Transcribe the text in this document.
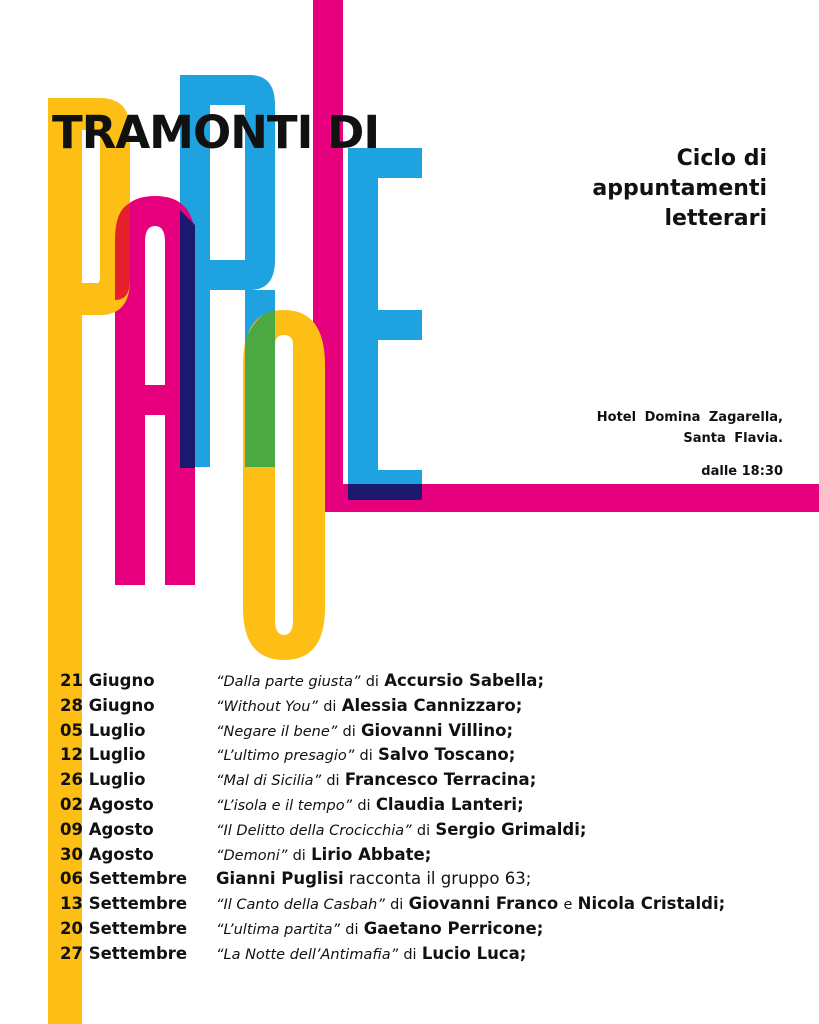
TRAMONTI DI	Ciclo di
appuntamenti
letterari
Hotel Domina Zagarella,
Santa Flavia.
dalle 18:30
21 Giugno	“Dalla parte giusta” di Accursio Sabella;
28 Giugno	“Without You” di Alessia Cannizzaro;
05 Luglio	“Negare il bene” di Giovanni Villino;
12 Luglio	“L’ultimo presagio” di Salvo Toscano;
26 Luglio	“Mal di Sicilia” di Francesco Terracina;
02 Agosto	“L’isola e il tempo” di Claudia Lanteri;
09 Agosto	“Il Delitto della Crocicchia” di Sergio Grimaldi;
30 Agosto	“Demoni” di Lirio Abbate;
06 Settembre Gianni Puglisi racconta il gruppo 63;
13 Settembre “Il Canto della Casbah” di Giovanni Franco e Nicola Cristaldi;
20 Settembre “L’ultima partita” di Gaetano Perricone;
27 Settembre “La Notte dell’Antimafia” di Lucio Luca;
